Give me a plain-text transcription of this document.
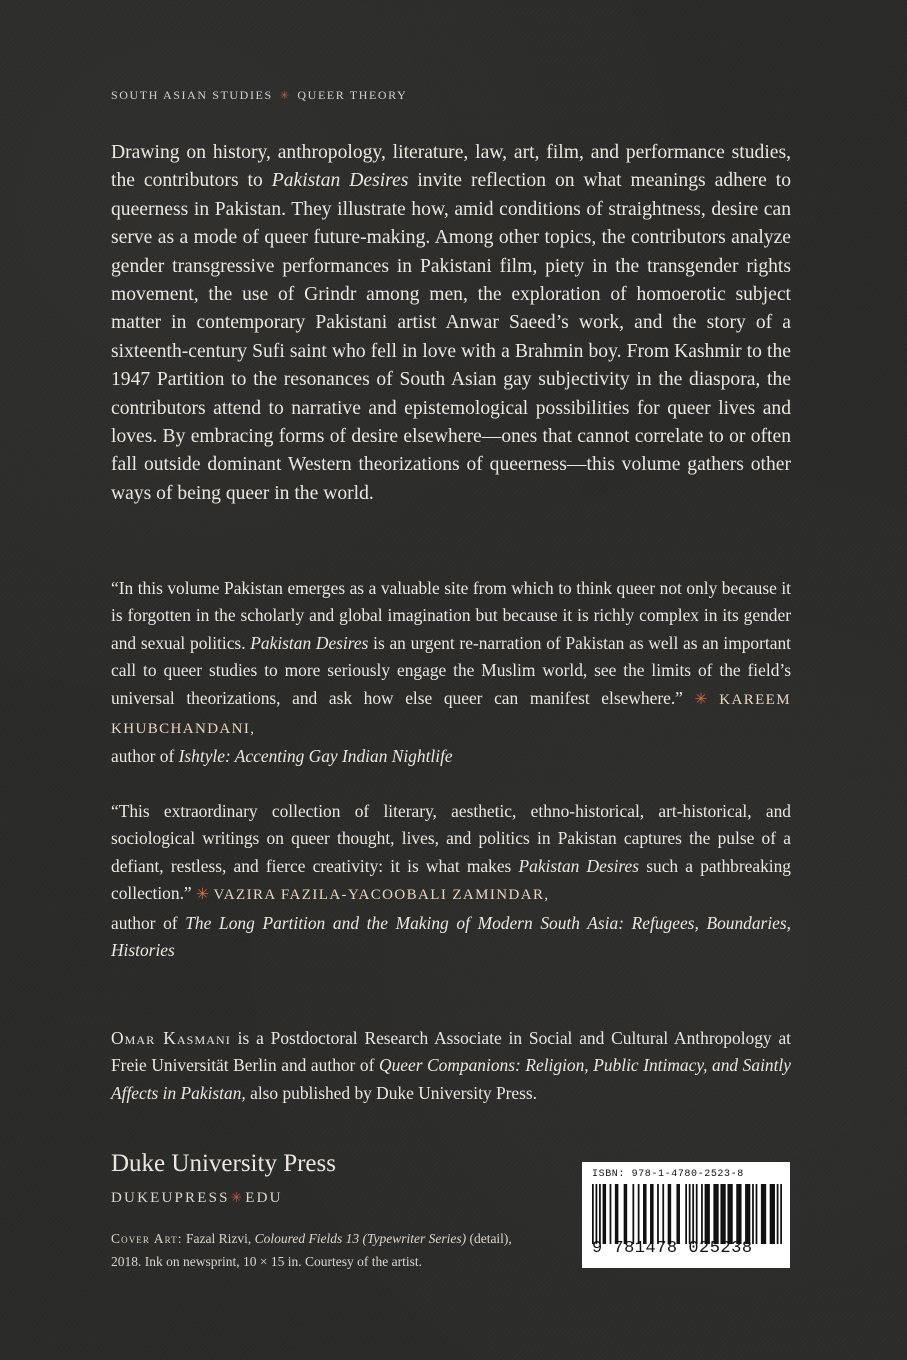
SOUTH ASIAN STUDIES ✳ QUEER THEORY

Drawing on history, anthropology, literature, law, art, film, and performance studies, the contributors to Pakistan Desires invite reflection on what meanings adhere to queerness in Pakistan. They illustrate how, amid conditions of straightness, desire can serve as a mode of queer future-making. Among other topics, the contributors analyze gender transgressive performances in Pakistani film, piety in the transgender rights movement, the use of Grindr among men, the exploration of homoerotic subject matter in contemporary Pakistani artist Anwar Saeed’s work, and the story of a sixteenth-century Sufi saint who fell in love with a Brahmin boy. From Kashmir to the 1947 Partition to the resonances of South Asian gay subjectivity in the diaspora, the contributors attend to narrative and epistemological possibilities for queer lives and loves. By embracing forms of desire elsewhere—ones that cannot correlate to or often fall outside dominant Western theorizations of queerness—this volume gathers other ways of being queer in the world.

“In this volume Pakistan emerges as a valuable site from which to think queer not only because it is forgotten in the scholarly and global imagination but because it is richly complex in its gender and sexual politics. Pakistan Desires is an urgent re-narration of Pakistan as well as an important call to queer studies to more seriously engage the Muslim world, see the limits of the field’s universal theorizations, and ask how else queer can manifest elsewhere.” ✳ KAREEM KHUBCHANDANI,
author of Ishtyle: Accenting Gay Indian Nightlife

“This extraordinary collection of literary, aesthetic, ethno-historical, art-historical, and sociological writings on queer thought, lives, and politics in Pakistan captures the pulse of a defiant, restless, and fierce creativity: it is what makes Pakistan Desires such a pathbreaking collection.” ✳ VAZIRA FAZILA-YACOOBALI ZAMINDAR,
author of The Long Partition and the Making of Modern South Asia: Refugees, Boundaries, Histories

Omar Kasmani is a Postdoctoral Research Associate in Social and Cultural Anthropology at Freie Universität Berlin and author of Queer Companions: Religion, Public Intimacy, and Saintly Affects in Pakistan, also published by Duke University Press.

Duke University Press
DUKEUPRESS✳EDU

Cover Art: Fazal Rizvi, Coloured Fields 13 (Typewriter Series) (detail), 2018. Ink on newsprint, 10 × 15 in. Courtesy of the artist.

ISBN: 978-1-4780-2523-8
9 781478 025238
